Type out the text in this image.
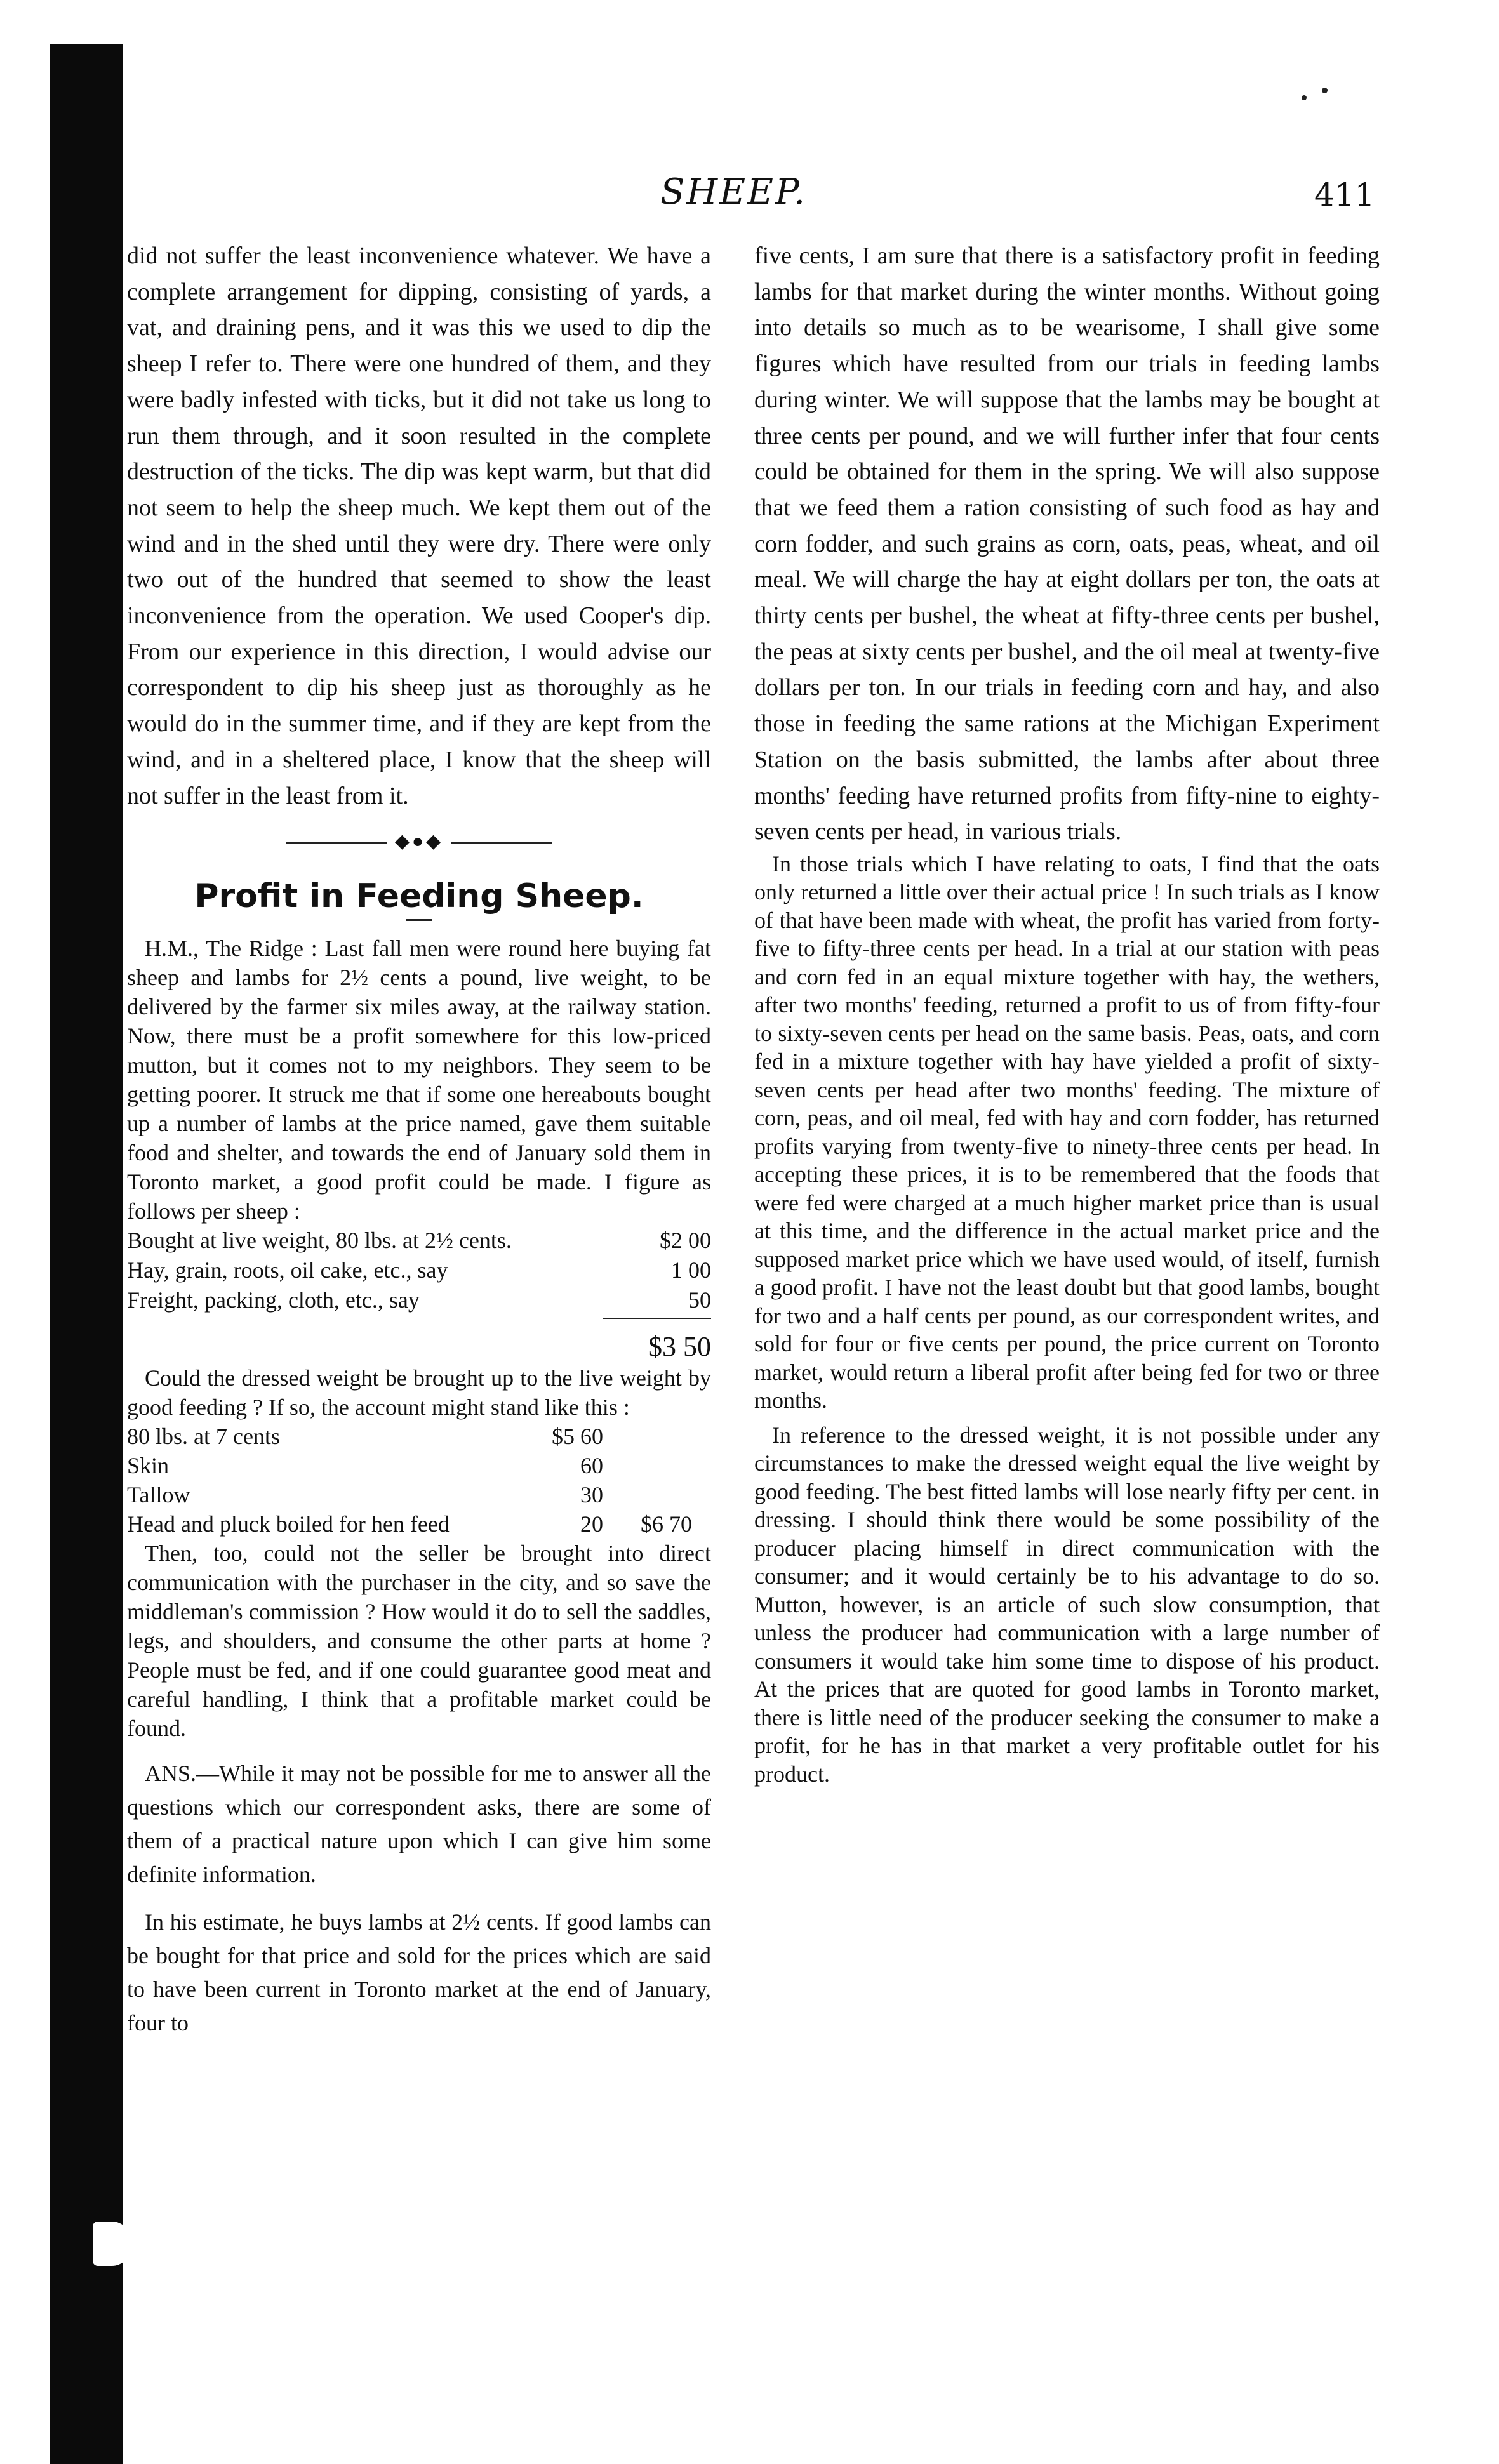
SHEEP.	411

did not suffer the least inconvenience whatever. We have a complete arrangement for dipping, consisting of yards, a vat, and draining pens, and it was this we used to dip the sheep I refer to. There were one hundred of them, and they were badly infested with ticks, but it did not take us long to run them through, and it soon resulted in the complete destruction of the ticks. The dip was kept warm, but that did not seem to help the sheep much. We kept them out of the wind and in the shed until they were dry. There were only two out of the hundred that seemed to show the least inconvenience from the operation. We used Cooper's dip. From our experience in this direction, I would advise our correspondent to dip his sheep just as thoroughly as he would do in the summer time, and if they are kept from the wind, and in a sheltered place, I know that the sheep will not suffer in the least from it.

◆●◆
Profit in Feeding Sheep.

H.M., The Ridge : Last fall men were round here buying fat sheep and lambs for 2½ cents a pound, live weight, to be delivered by the farmer six miles away, at the railway station. Now, there must be a profit somewhere for this low-priced mutton, but it comes not to my neighbors. They seem to be getting poorer. It struck me that if some one hereabouts bought up a number of lambs at the price named, gave them suitable food and shelter, and towards the end of January sold them in Toronto market, a good profit could be made. I figure as follows per sheep :

Bought at live weight, 80 lbs. at 2½ cents.	$2 00
Hay, grain, roots, oil cake, etc., say	1 00
Freight, packing, cloth, etc., say	50
$3 50

Could the dressed weight be brought up to the live weight by good feeding ? If so, the account might stand like this :

80 lbs. at 7 cents	$5 60
Skin	60
Tallow	30
Head and pluck boiled for hen feed	20	$6 70

Then, too, could not the seller be brought into direct communication with the purchaser in the city, and so save the middleman's commission ? How would it do to sell the saddles, legs, and shoulders, and consume the other parts at home ? People must be fed, and if one could guarantee good meat and careful handling, I think that a profitable market could be found.

ANS.—While it may not be possible for me to answer all the questions which our correspondent asks, there are some of them of a practical nature upon which I can give him some definite information.

In his estimate, he buys lambs at 2½ cents. If good lambs can be bought for that price and sold for the prices which are said to have been current in Toronto market at the end of January, four to

five cents, I am sure that there is a satisfactory profit in feeding lambs for that market during the winter months. Without going into details so much as to be wearisome, I shall give some figures which have resulted from our trials in feeding lambs during winter. We will suppose that the lambs may be bought at three cents per pound, and we will further infer that four cents could be obtained for them in the spring. We will also suppose that we feed them a ration consisting of such food as hay and corn fodder, and such grains as corn, oats, peas, wheat, and oil meal. We will charge the hay at eight dollars per ton, the oats at thirty cents per bushel, the wheat at fifty-three cents per bushel, the peas at sixty cents per bushel, and the oil meal at twenty-five dollars per ton. In our trials in feeding corn and hay, and also those in feeding the same rations at the Michigan Experiment Station on the basis submitted, the lambs after about three months' feeding have returned profits from fifty-nine to eighty-seven cents per head, in various trials.

In those trials which I have relating to oats, I find that the oats only returned a little over their actual price ! In such trials as I know of that have been made with wheat, the profit has varied from forty-five to fifty-three cents per head. In a trial at our station with peas and corn fed in an equal mixture together with hay, the wethers, after two months' feeding, returned a profit to us of from fifty-four to sixty-seven cents per head on the same basis. Peas, oats, and corn fed in a mixture together with hay have yielded a profit of sixty-seven cents per head after two months' feeding. The mixture of corn, peas, and oil meal, fed with hay and corn fodder, has returned profits varying from twenty-five to ninety-three cents per head. In accepting these prices, it is to be remembered that the foods that were fed were charged at a much higher market price than is usual at this time, and the difference in the actual market price and the supposed market price which we have used would, of itself, furnish a good profit. I have not the least doubt but that good lambs, bought for two and a half cents per pound, as our correspondent writes, and sold for four or five cents per pound, the price current on Toronto market, would return a liberal profit after being fed for two or three months.

In reference to the dressed weight, it is not possible under any circumstances to make the dressed weight equal the live weight by good feeding. The best fitted lambs will lose nearly fifty per cent. in dressing. I should think there would be some possibility of the producer placing himself in direct communication with the consumer; and it would certainly be to his advantage to do so. Mutton, however, is an article of such slow consumption, that unless the producer had communication with a large number of consumers it would take him some time to dispose of his product. At the prices that are quoted for good lambs in Toronto market, there is little need of the producer seeking the consumer to make a profit, for he has in that market a very profitable outlet for his product.
